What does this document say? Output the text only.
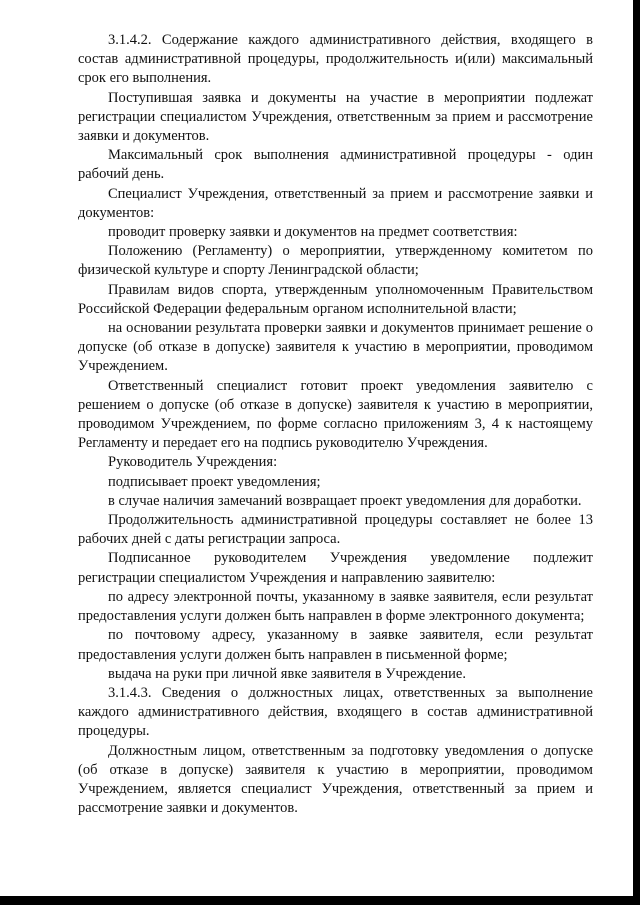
3.1.4.2. Содержание каждого административного действия, входящего в состав административной процедуры, продолжительность и(или) максимальный срок его выполнения.

Поступившая заявка и документы на участие в мероприятии подлежат регистрации специалистом Учреждения, ответственным за прием и рассмотрение заявки и документов.

Максимальный срок выполнения административной процедуры - один рабочий день.

Специалист Учреждения, ответственный за прием и рассмотрение заявки и документов:

проводит проверку заявки и документов на предмет соответствия:

Положению (Регламенту) о мероприятии, утвержденному комитетом по физической культуре и спорту Ленинградской области;

Правилам видов спорта, утвержденным уполномоченным Правительством Российской Федерации федеральным органом исполнительной власти;

на основании результата проверки заявки и документов принимает решение о допуске (об отказе в допуске) заявителя к участию в мероприятии, проводимом Учреждением.

Ответственный специалист готовит проект уведомления заявителю с решением о допуске (об отказе в допуске) заявителя к участию в мероприятии, проводимом Учреждением, по форме согласно приложениям 3, 4 к настоящему Регламенту и передает его на подпись руководителю Учреждения.

Руководитель Учреждения:

подписывает проект уведомления;

в случае наличия замечаний возвращает проект уведомления для доработки.

Продолжительность административной процедуры составляет не более 13 рабочих дней с даты регистрации запроса.

Подписанное руководителем Учреждения уведомление подлежит регистрации специалистом Учреждения и направлению заявителю:

по адресу электронной почты, указанному в заявке заявителя, если результат предоставления услуги должен быть направлен в форме электронного документа;

по почтовому адресу, указанному в заявке заявителя, если результат предоставления услуги должен быть направлен в письменной форме;

выдача на руки при личной явке заявителя в Учреждение.

3.1.4.3. Сведения о должностных лицах, ответственных за выполнение каждого административного действия, входящего в состав административной процедуры.

Должностным лицом, ответственным за подготовку уведомления о допуске (об отказе в допуске) заявителя к участию в мероприятии, проводимом Учреждением, является специалист Учреждения, ответственный за прием и рассмотрение заявки и документов.
